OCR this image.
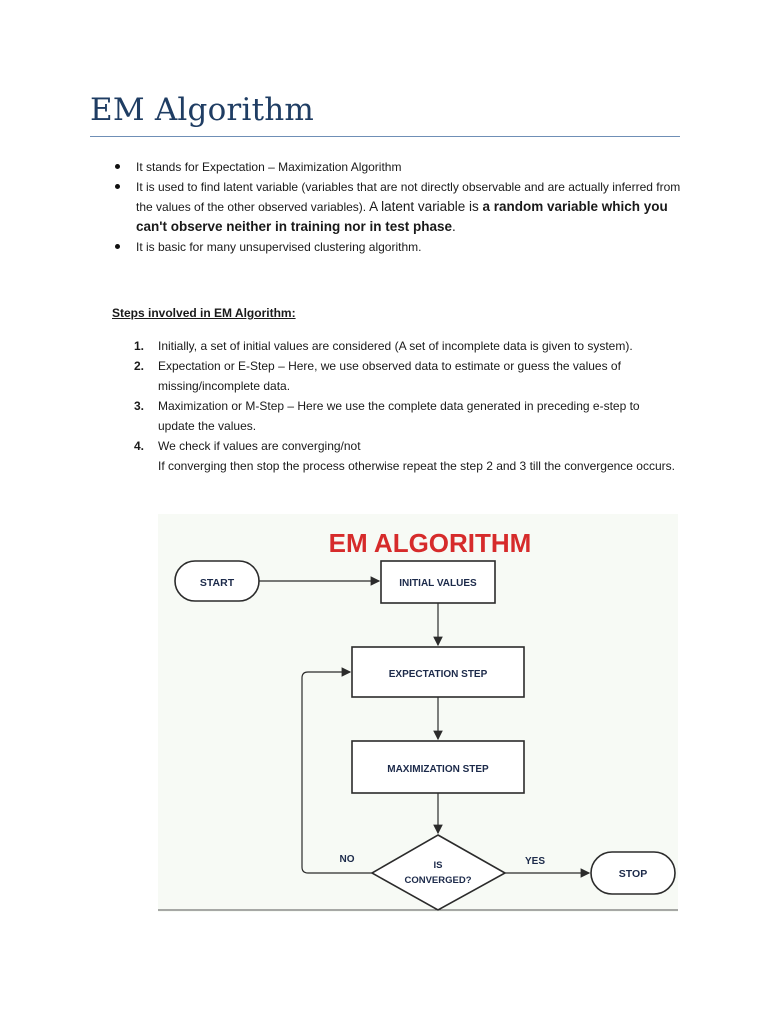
EM Algorithm
It stands for Expectation – Maximization Algorithm
It is used to find latent variable (variables that are not directly observable and are actually inferred from the values of the other observed variables). A latent variable is a random variable which you can't observe neither in training nor in test phase.
It is basic for many unsupervised clustering algorithm.

Steps involved in EM Algorithm:

1. Initially, a set of initial values are considered (A set of incomplete data is given to system).
2. Expectation or E-Step – Here, we use observed data to estimate or guess the values of missing/incomplete data.
3. Maximization or M-Step – Here we use the complete data generated in preceding e-step to update the values.
4. We check if values are converging/not
If converging then stop the process otherwise repeat the step 2 and 3 till the convergence occurs.
EM ALGORITHM
START	INITIAL VALUES
EXPECTATION STEP
MAXIMIZATION STEP
IS
CONVERGED?
STOP
NO	YES
